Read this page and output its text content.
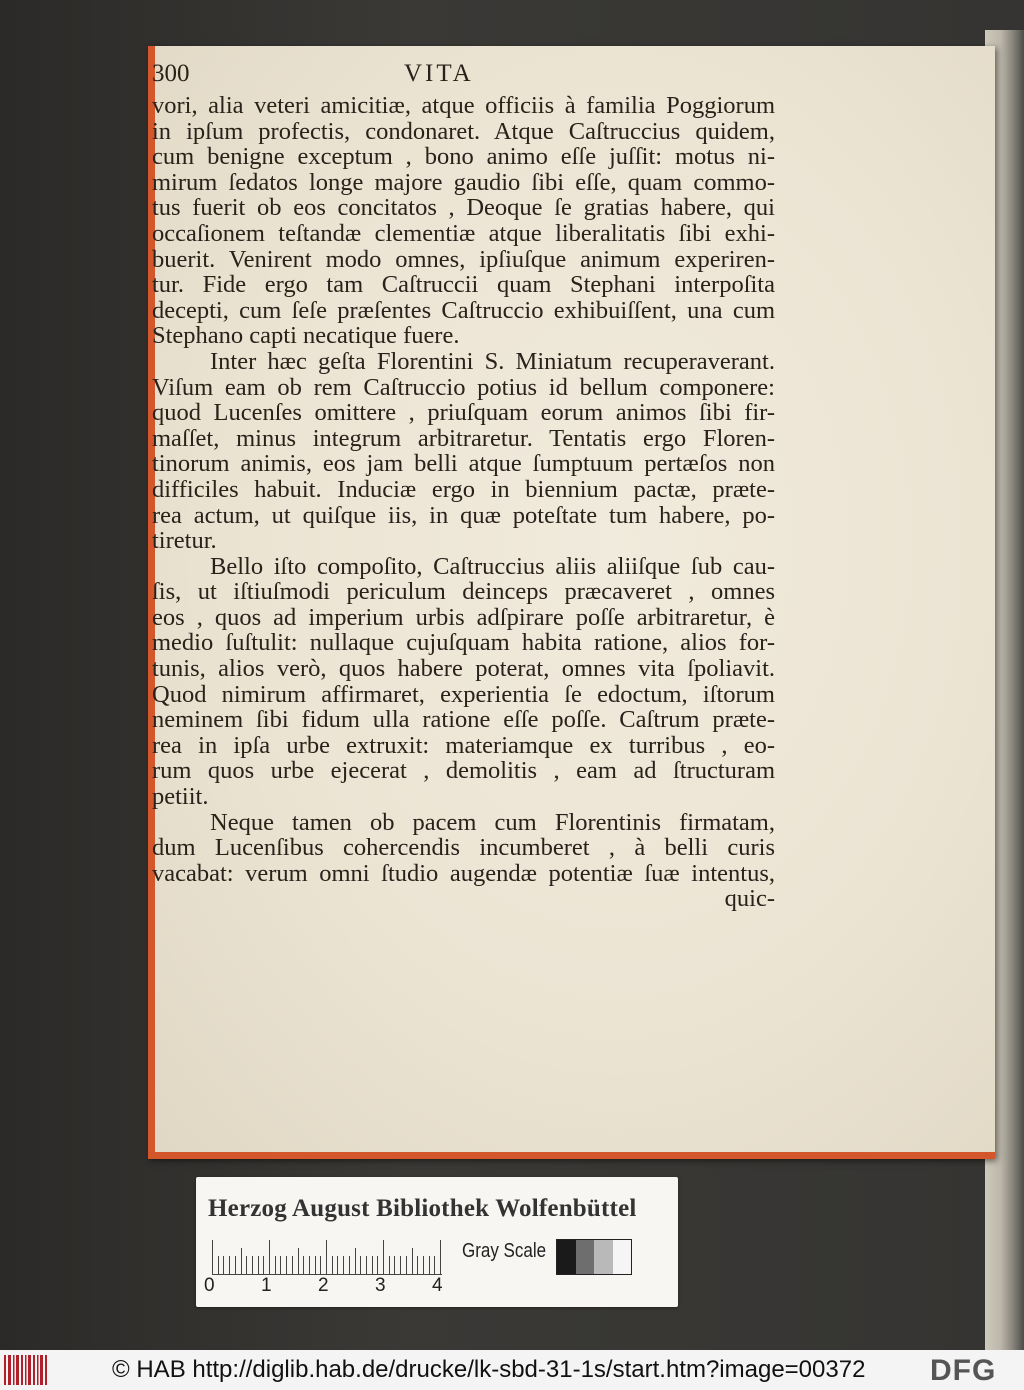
300	VITA
vori, alia veteri amicitiæ, atque officiis à familia Poggiorum
in ipſum profectis, condonaret. Atque Caſtruccius quidem,
cum benigne exceptum , bono animo eſſe juſſit: motus ni-
mirum ſedatos longe majore gaudio ſibi eſſe, quam commo-
tus fuerit ob eos concitatos , Deoque ſe gratias habere, qui
occaſionem teſtandæ clementiæ atque liberalitatis ſibi exhi-
buerit. Venirent modo omnes, ipſiuſque animum experiren-
tur. Fide ergo tam Caſtruccii quam Stephani interpoſita
decepti, cum ſeſe præſentes Caſtruccio exhibuiſſent, una cum
Stephano capti necatique fuere.
Inter hæc geſta Florentini S. Miniatum recuperaverant.
Viſum eam ob rem Caſtruccio potius id bellum componere:
quod Lucenſes omittere , priuſquam eorum animos ſibi fir-
maſſet, minus integrum arbitraretur. Tentatis ergo Floren-
tinorum animis, eos jam belli atque ſumptuum pertæſos non
difficiles habuit. Induciæ ergo in biennium pactæ, præte-
rea actum, ut quiſque iis, in quæ poteſtate tum habere, po-
tiretur.
Bello iſto compoſito, Caſtruccius aliis aliiſque ſub cau-
ſis, ut iſtiuſmodi periculum deinceps præcaveret , omnes
eos , quos ad imperium urbis adſpirare poſſe arbitraretur, è
medio ſuſtulit: nullaque cujuſquam habita ratione, alios for-
tunis, alios verò, quos habere poterat, omnes vita ſpoliavit.
Quod nimirum affirmaret, experientia ſe edoctum, iſtorum
neminem ſibi fidum ulla ratione eſſe poſſe. Caſtrum præte-
rea in ipſa urbe extruxit: materiamque ex turribus , eo-
rum quos urbe ejecerat , demolitis , eam ad ſtructuram
petiit.
Neque tamen ob pacem cum Florentinis firmatam,
dum Lucenſibus cohercendis incumberet , à belli curis
vacabat: verum omni ſtudio augendæ potentiæ ſuæ intentus,
quic-
Herzog August Bibliothek Wolfenbüttel
0 1 2 3 4
Gray Scale
© HAB http://diglib.hab.de/drucke/lk-sbd-31-1s/start.htm?image=00372 DFG
